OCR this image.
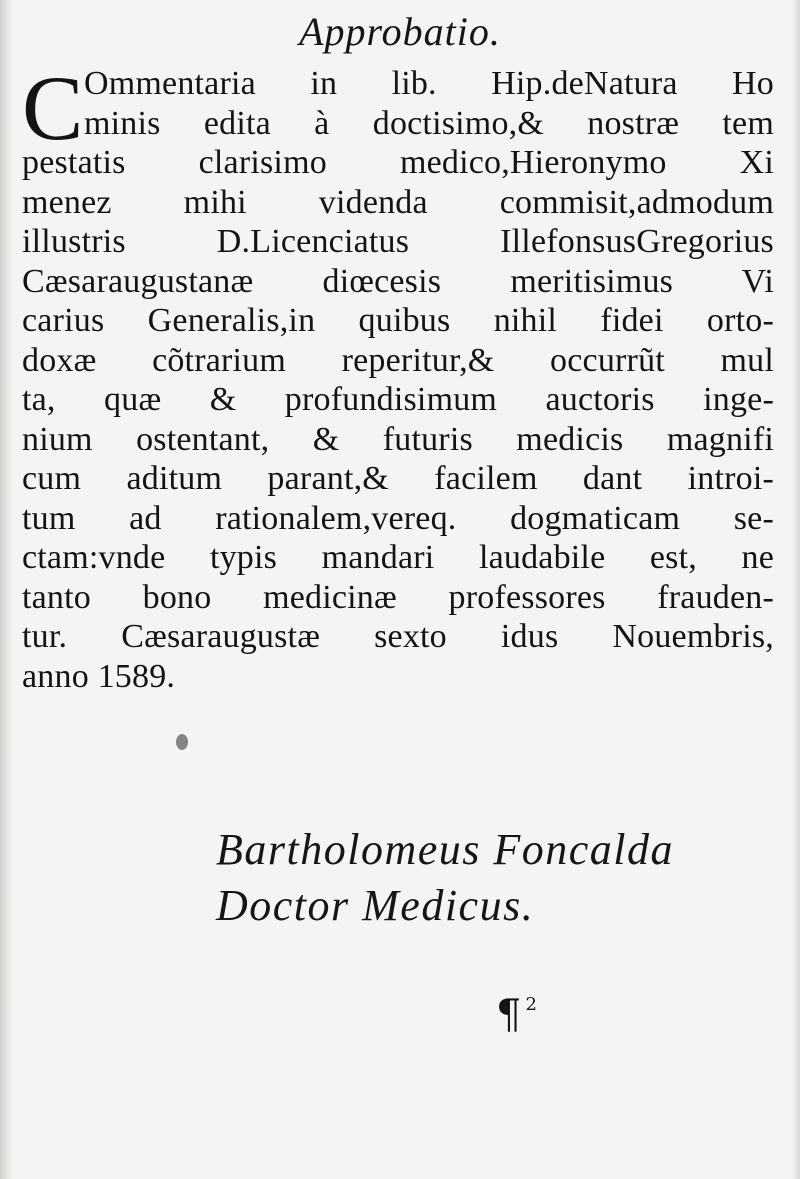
Approbatio.
C Ommentaria in lib. Hip.deNatura Ho
minis edita à doctisimo,& nostræ tem
pestatis clarisimo medico,Hieronymo Xi
menez mihi videnda commisit,admodum
illustris D.Licenciatus IllefonsusGregorius
Cæsaraugustanæ diœcesis meritisimus Vi
carius Generalis,in quibus nihil fidei orto-
doxæ cõtrarium reperitur,& occurrũt mul
ta, quæ & profundisimum auctoris inge-
nium ostentant, & futuris medicis magnifi
cum aditum parant,& facilem dant introi-
tum ad rationalem,vereq. dogmaticam se-
ctam:vnde typis mandari laudabile est, ne
tanto bono medicinæ professores frauden-
tur. Cæsaraugustæ sexto idus Nouembris,
anno 1589.
Bartholomeus Foncalda
Doctor Medicus.
¶ $^2$
